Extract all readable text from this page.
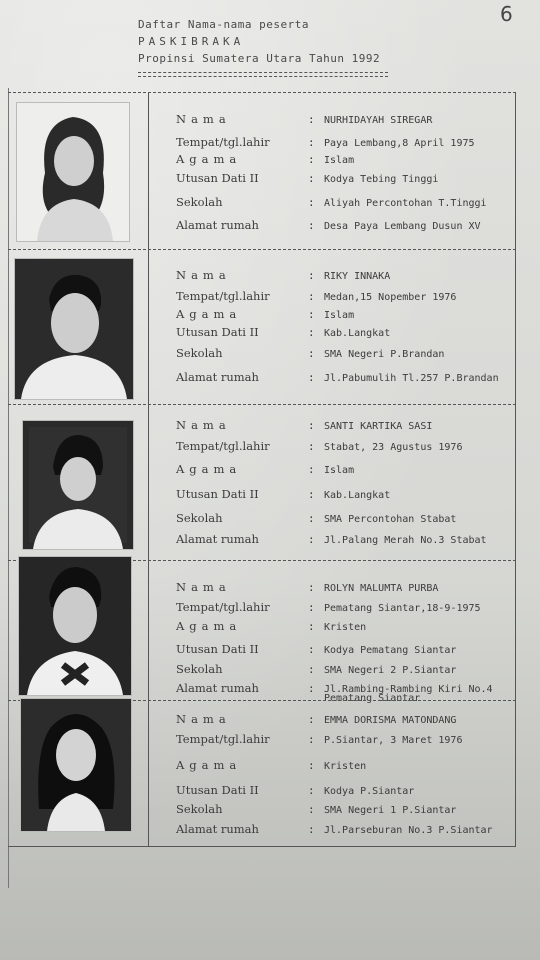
6
Daftar Nama-nama peserta
PASKIBRAKA
Propinsi Sumatera Utara Tahun 1992
Nama	: NURHIDAYAH SIREGAR
Tempat/tgl.lahir	: Paya Lembang,8 April 1975
Agama	: Islam
Utusan Dati II	: Kodya Tebing Tinggi
Sekolah	: Aliyah Percontohan T.Tinggi
Alamat rumah	: Desa Paya Lembang Dusun XV
Nama	: RIKY INNAKA
Tempat/tgl.lahir	: Medan,15 Nopember 1976
Agama	: Islam
Utusan Dati II	: Kab.Langkat
Sekolah	: SMA Negeri P.Brandan
Alamat rumah	: Jl.Pabumulih Tl.257 P.Brandan
Nama	: SANTI KARTIKA SASI
Tempat/tgl.lahir	: Stabat, 23 Agustus 1976
Agama	: Islam
Utusan Dati II	: Kab.Langkat
Sekolah	: SMA Percontohan Stabat
Alamat rumah	: Jl.Palang Merah No.3 Stabat
Nama	: ROLYN MALUMTA PURBA
Tempat/tgl.lahir	: Pematang Siantar,18-9-1975
Agama	: Kristen
Utusan Dati II	: Kodya Pematang Siantar
Sekolah	: SMA Negeri 2 P.Siantar
Alamat rumah	: Jl.Rambing-Rambing Kiri No.4
Pematang Siantar
Nama	: EMMA DORISMA MATONDANG
Tempat/tgl.lahir	: P.Siantar, 3 Maret 1976
Agama	: Kristen
Utusan Dati II	: Kodya P.Siantar
Sekolah	: SMA Negeri 1 P.Siantar
Alamat rumah	: Jl.Parseburan No.3 P.Siantar
